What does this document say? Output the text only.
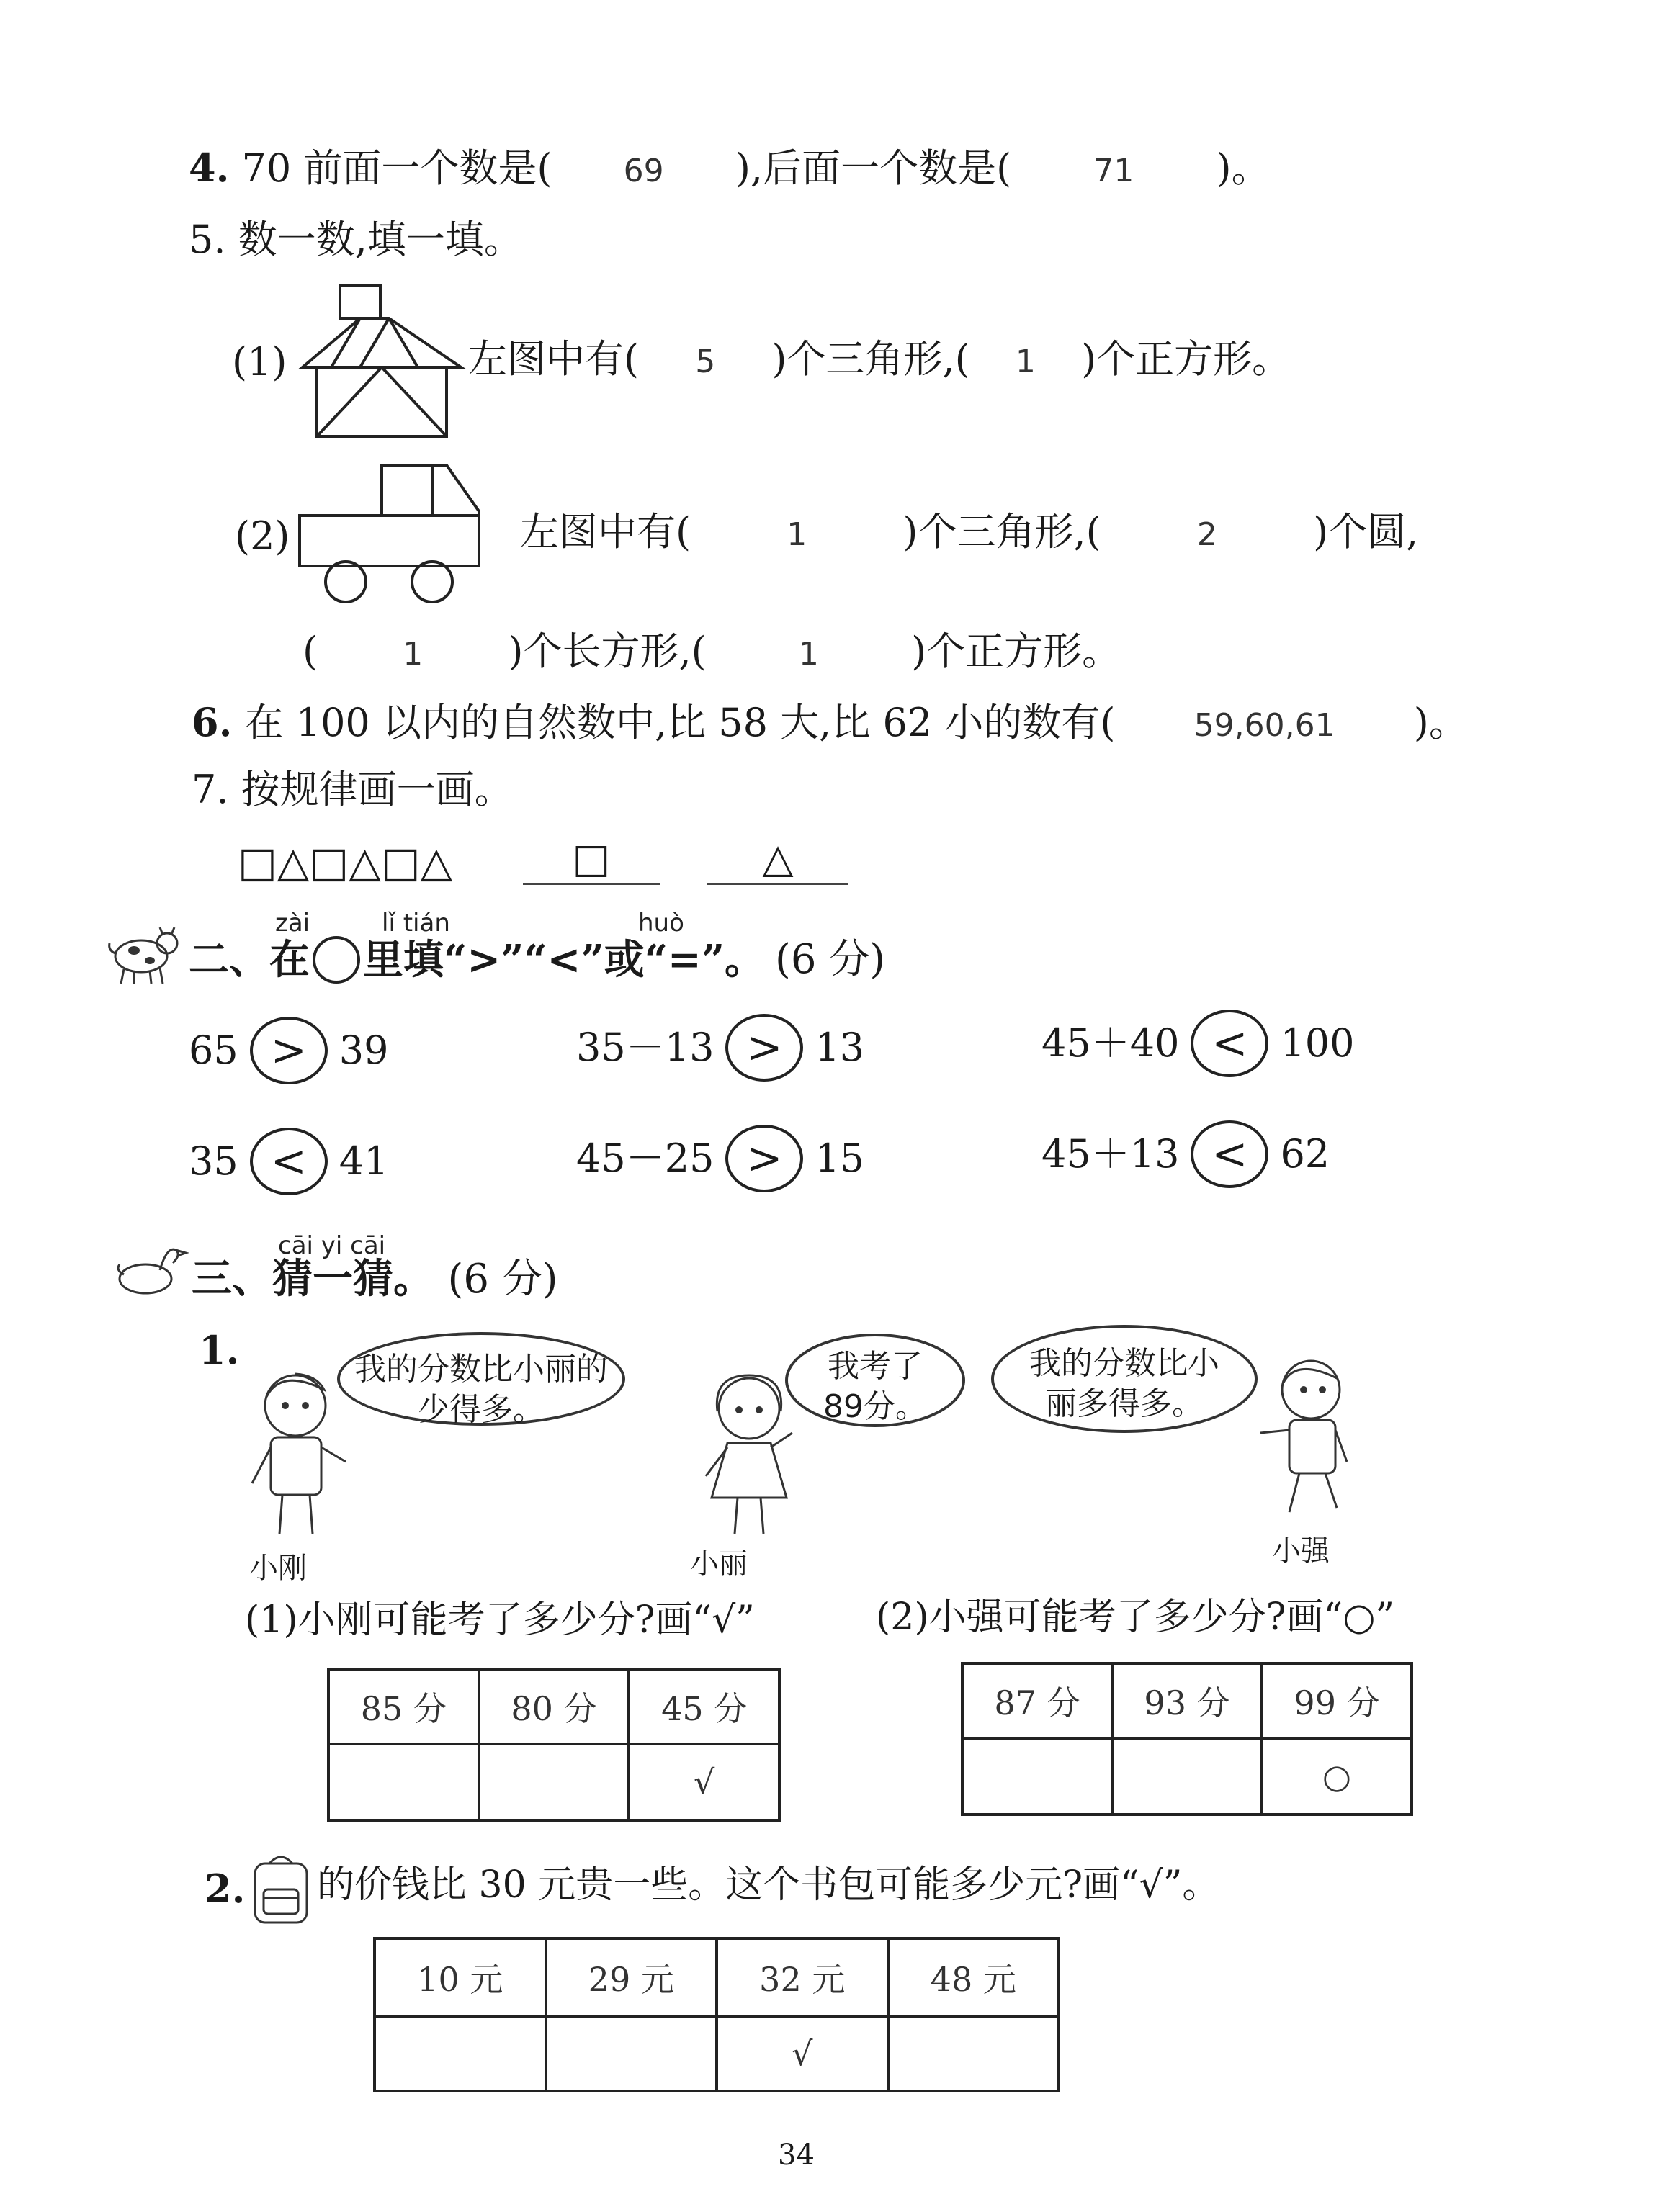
4. 70 前面一个数是( 69 ),后面一个数是(	71 )。
5. 数一数,填一填。
(1)	左图中有( 5 )个三角形,( 1 )个正方形。
(2)	左图中有(	1 )个三角形,(	2 )个圆,
(	1 )个长方形,(	1 )个正方形。
6. 在 100 以内的自然数中,比 58 大,比 62 小的数有( 59,60,61 )。
7. 按规律画一画。
□△□△□△	□	△
zài	lǐ tián	huò
二、在 里填“>”“<”或“=”。 (6 分)
65 > 39	35－13 > 13	45＋40 < 100
35 < 41	45－25 > 15	45＋13 < 62
cāi yi cāi
三、猜一猜。 (6 分)
1.	我的分数比小丽的少得多。
我考了89分。
我的分数比小丽多得多。
小刚	小丽	小强
(1)小刚可能考了多少分?画“√”	(2)小强可能考了多少分?画“○”
85 分	80 分	45 分
		√
87 分	93 分	99 分
		○
2. 的价钱比 30 元贵一些。这个书包可能多少元?画“√”。
10 元	29 元	32 元	48 元
		√	
34
